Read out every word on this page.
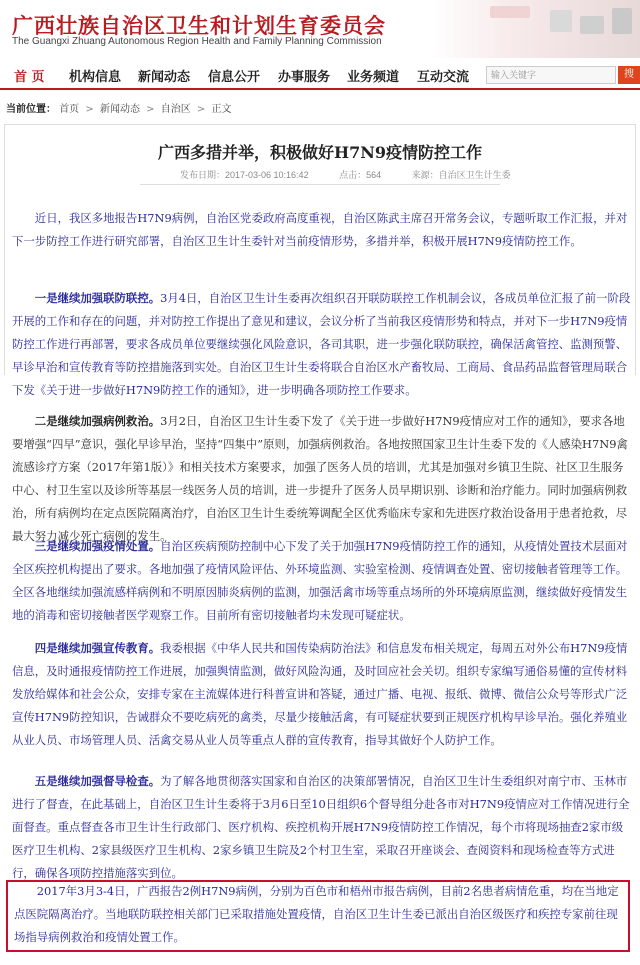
广西壮族自治区卫生和计划生育委员会
The Guangxi Zhuang Autonomous Region Health and Family Planning Commission
首 页 机构信息 新闻动态 信息公开 办事服务 业务频道 互动交流	输入关键字	搜
当前位置： 首页 > 新闻动态 > 自治区 > 正文
广西多措并举，积极做好H7N9疫情防控工作
发布日期：2017-03-06 10:16:42	点击：564	来源：自治区卫生计生委

近日，我区多地报告H7N9病例，自治区党委政府高度重视，自治区陈武主席召开常务会议，专题听取工作汇报，并对下一步防控工作进行研究部署，自治区卫生计生委针对当前疫情形势，多措并举，积极开展H7N9疫情防控工作。

一是继续加强联防联控。3月4日，自治区卫生计生委再次组织召开联防联控工作机制会议，各成员单位汇报了前一阶段开展的工作和存在的问题，并对防控工作提出了意见和建议，会议分析了当前我区疫情形势和特点，并对下一步H7N9疫情防控工作进行再部署，要求各成员单位要继续强化风险意识，各司其职，进一步强化联防联控，确保活禽管控、监测预警、早诊早治和宣传教育等防控措施落到实处。自治区卫生计生委将联合自治区水产畜牧局、工商局、食品药品监督管理局联合下发《关于进一步做好H7N9防控工作的通知》，进一步明确各项防控工作要求。

二是继续加强病例救治。3月2日，自治区卫生计生委下发了《关于进一步做好H7N9疫情应对工作的通知》，要求各地要增强“四早”意识，强化早诊早治，坚持“四集中”原则，加强病例救治。各地按照国家卫生计生委下发的《人感染H7N9禽流感诊疗方案（2017年第1版）》和相关技术方案要求，加强了医务人员的培训，尤其是加强对乡镇卫生院、社区卫生服务中心、村卫生室以及诊所等基层一线医务人员的培训，进一步提升了医务人员早期识别、诊断和治疗能力。同时加强病例救治，所有病例均在定点医院隔离治疗，自治区卫生计生委统筹调配全区优秀临床专家和先进医疗救治设备用于患者抢救，尽最大努力减少死亡病例的发生。

三是继续加强疫情处置。自治区疾病预防控制中心下发了关于加强H7N9疫情防控工作的通知，从疫情处置技术层面对全区疾控机构提出了要求。各地加强了疫情风险评估、外环境监测、实验室检测、疫情调查处置、密切接触者管理等工作。全区各地继续加强流感样病例和不明原因肺炎病例的监测，加强活禽市场等重点场所的外环境病原监测，继续做好疫情发生地的消毒和密切接触者医学观察工作。目前所有密切接触者均未发现可疑症状。

四是继续加强宣传教育。我委根据《中华人民共和国传染病防治法》和信息发布相关规定，每周五对外公布H7N9疫情信息，及时通报疫情防控工作进展，加强舆情监测，做好风险沟通，及时回应社会关切。组织专家编写通俗易懂的宣传材料发放给媒体和社会公众，安排专家在主流媒体进行科普宣讲和答疑，通过广播、电视、报纸、微博、微信公众号等形式广泛宣传H7N9防控知识，告诫群众不要吃病死的禽类，尽量少接触活禽，有可疑症状要到正规医疗机构早诊早治。强化养殖业从业人员、市场管理人员、活禽交易从业人员等重点人群的宣传教育，指导其做好个人防护工作。

五是继续加强督导检查。为了解各地贯彻落实国家和自治区的决策部署情况，自治区卫生计生委组织对南宁市、玉林市进行了督查，在此基础上，自治区卫生计生委将于3月6日至10日组织6个督导组分赴各市对H7N9疫情应对工作情况进行全面督查。重点督查各市卫生计生行政部门、医疗机构、疾控机构开展H7N9疫情防控工作情况，每个市将现场抽查2家市级医疗卫生机构、2家县级医疗卫生机构、2家乡镇卫生院及2个村卫生室，采取召开座谈会、查阅资料和现场检查等方式进行，确保各项防控措施落实到位。

2017年3月3-4日，广西报告2例H7N9病例，分别为百色市和梧州市报告病例，目前2名患者病情危重，均在当地定点医院隔离治疗。当地联防联控相关部门已采取措施处置疫情，自治区卫生计生委已派出自治区级医疗和疾控专家前往现场指导病例救治和疫情处置工作。
